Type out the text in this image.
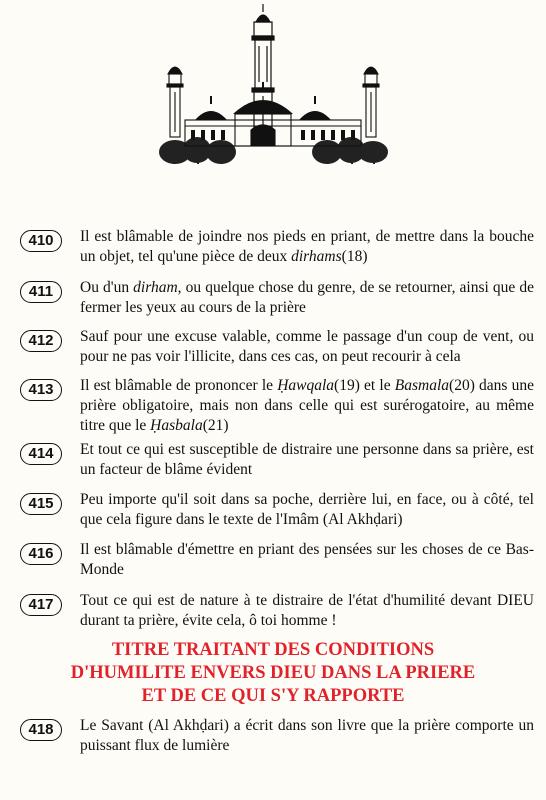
410	Il est blâmable de joindre nos pieds en priant, de mettre dans la bouche un objet, tel qu'une pièce de deux dirhams(18)
411	Ou d'un dirham, ou quelque chose du genre, de se retourner, ainsi que de fermer les yeux au cours de la prière
412	Sauf pour une excuse valable, comme le passage d'un coup de vent, ou pour ne pas voir l'illicite, dans ces cas, on peut recourir à cela
413	Il est blâmable de prononcer le Ḥawqala(19) et le Basmala(20) dans une prière obligatoire, mais non dans celle qui est surérogatoire, au même titre que le Ḥasbala(21)
414	Et tout ce qui est susceptible de distraire une personne dans sa prière, est un facteur de blâme évident
415	Peu importe qu'il soit dans sa poche, derrière lui, en face, ou à côté, tel que cela figure dans le texte de l'Imâm (Al Akhḍari)
416	Il est blâmable d'émettre en priant des pensées sur les choses de ce Bas-Monde
417	Tout ce qui est de nature à te distraire de l'état d'humilité devant DIEU durant ta prière, évite cela, ô toi homme !
TITRE TRAITANT DES CONDITIONS
D'HUMILITE ENVERS DIEU DANS LA PRIERE
ET DE CE QUI S'Y RAPPORTE
418	Le Savant (Al Akhḍari) a écrit dans son livre que la prière comporte un puissant flux de lumière
